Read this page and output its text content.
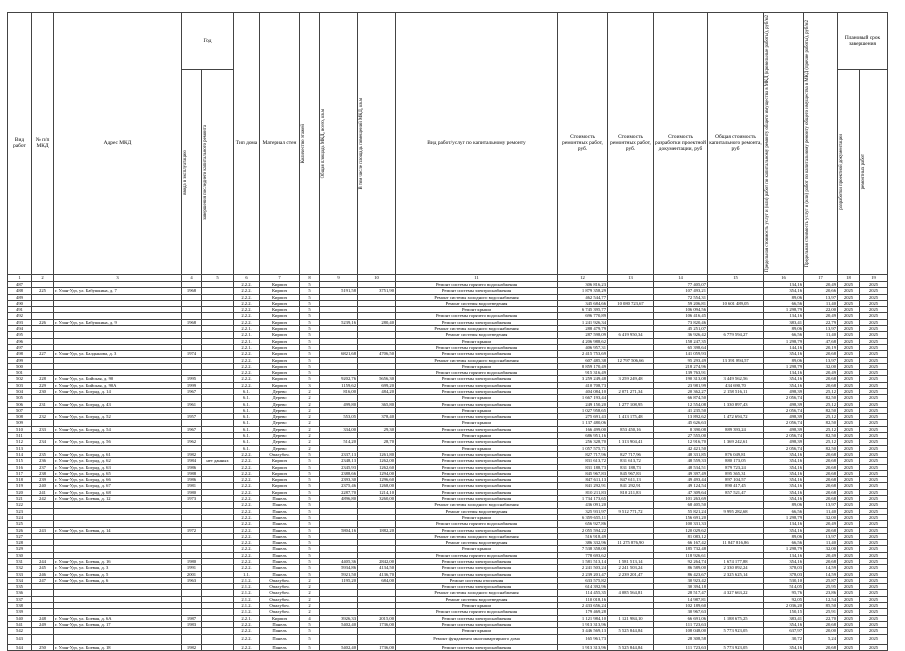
Вид работ	№ п/п МКД	Адрес МКД	Год		Тип дома	Материал стен	Количество этажей	Общая площадь МКД, всего, кв.м	В том числе площадь помещений МКД, кв.м	Вид работ/услуг по капитальному ремонту	Стоимость ремонтных работ, руб.	Стоимость ремонтных работ, руб.	Стоимость разработки проектной документации, руб	Общая стоимость капитального ремонта, руб	Предельная стоимость услуг и (или) работ по капитальному ремонту общего имущества в МКД (кровельные работы), руб/м2	Предельная стоимость услуг и (или) работ по капитальному ремонту общего имущества в МКД (прочие работы), руб/м2	Плановый срок завершения	

			ввода в эксплуатацию	завершения последнего капитального ремонта													разработки проектной документации	ремонтных работ

1	2	3	4	5	6	7	8	9	10	11	12	13	14	15	16	17	18	19
487					2.2.2.	Кирпич	5			Ремонт системы горячего водоснабжения	306 816,23		77 405,07		134,16	20,49	2025	2025
488	225	г. Улан-Удэ, ул. Бабушкина, д. 7	1968		2.2.2.	Кирпич	5	5191,58	3751,90	Ремонт системы электроснабжения	1 879 358,29		107 493,21		354,16	20,66	2025	2025
489					2.2.2.	Кирпич	5			Ремонт системы холодного водоснабжения	462 544,77		72 554,31		89,06	13,97	2025	2025
490					2.2.2.	Кирпич	5			Ремонт системы водоотведения	345 684,66	10 080 723,67	59 206,81	10 601 489,05	66,56	11,40	2025	2025
491					2.2.2.	Кирпич	5			Ремонт крыши	6 745 395,77		106 094,56		1 298,79	22,00	2025	2025
492					2.2.2.	Кирпич	5			Ремонт системы горячего водоснабжения	696 770,89		106 416,45		134,16	20,49	2025	2025
493	226	г. Улан-Удэ, ул. Бабушкина, д. 9	1968		2.2.2.	Кирпич	5	5239,16	280,40	Ремонт системы электроснабжения	1 241 926,34		73 820,46		383,41	22,79	2025	2025
494					2.2.1.	Кирпич	5			Ремонт системы холодного водоснабжения	288 479,79		45 251,07		89,06	13,97	2025	2025
495					2.2.1.	Кирпич	5			Ремонт системы водоотведения	287 598,09	6 419 950,34	36 926,42	6 779 594,27	66,56	11,40	2025	2025
496					2.2.1.	Кирпич	5			Ремонт крыши	4 206 988,62		158 247,35		1 298,79	47,68	2025	2025
497					2.2.1.	Кирпич	5			Ремонт системы горячего водоснабжения	406 957,31		65 398,64		144,16	20,19	2025	2025
498	227	г. Улан-Удэ, ул. Балдынова, д. 3	1974		2.2.2.	Кирпич	5	6821,68	4706,50	Ремонт системы электроснабжения	2 415 753,69		141 059,93		354,16	20,68	2025	2025
499					2.2.2.	Кирпич	5			Ремонт системы холодного водоснабжения	607 485,38	12 797 506,66	95 293,49	13 391 894,57	89,06	13,97	2025	2025
500					2.2.2.	Кирпич	5			Ремонт крыши	8 859 170,49		218 274,96		1 298,79	32,00	2025	2025
501					2.2.2.	Кирпич	5			Ремонт системы горячего водоснабжения	915 316,49		139 763,91		134,16	20,49	2025	2025
502	228	г. Улан-Удэ, ул. Бийская, д. 90	1995		2.2.2.	Кирпич	5	9202,76	5656,30	Ремонт системы электроснабжения	3 259 249,48	3 259 249,48	190 313,08	3 449 562,56	354,16	20,68	2025	2025
503	229	г. Улан-Удэ, ул. Бийская, д. 90А	1999		2.2.2.	Кирпич	3	1159,62	699,20	Ремонт системы электроснабжения	410 708,73		23 981,99	434 690,70	354,16	20,68	2025	2025
504	230	г. Улан-Удэ, ул. Боград, д. 14	1967		6.1.	Дерево	2	816,00	484,20	Ремонт системы электроснабжения	404 084,10	2 071 271,34	20 362,27	2 158 516,11	498,39	25,12	2025	2025
505					6.1.	Дерево	2			Ремонт крыши	1 667 193,44		66 874,50		2 056,74	82,50	2025	2025
506	231	г. Улан-Удэ, ул. Боград, д. 43	1961		6.1.	Дерево	2	499,80	365,80	Ремонт системы электроснабжения	249 150,20	1 277 108,95	12 554,08	1 330 897,43	498,39	25,12	2025	2025
507					6.1.	Дерево	2			Ремонт крыши	1 027 958,65		41 235,50		2 056,74	82,50	2025	2025
508	232	г. Улан-Удэ, ул. Боград, д. 52	1957		6.1.	Дерево	2	553,05	378,40	Ремонт системы электроснабжения	275 691,43	1 413 175,48	13 892,62	1 472 694,72	498,39	25,12	2025	2025
509					6.1.	Дерево	2			Ремонт крыши	1 137 480,06		45 626,63		2 056,74	82,50	2025	2025
510	233	г. Улан-Удэ, ул. Боград, д. 54	1967		6.1.	Дерево	2	334,00	29,30	Ремонт системы электроснабжения	166 499,00	853 450,16	8 390,08	889 393,24	498,39	25,12	2025	2025
511					6.1.	Дерево	2			Ремонт крыши	686 951,16		27 555,00		2 056,74	82,50	2025	2025
512	234	г. Улан-Удэ, ул. Боград, д. 56	1962		6.1.	Дерево	2	514,20	28,70	Ремонт системы электроснабжения	256 328,70	1 313 904,41	12 916,70	1 369 242,61	498,39	25,12	2025	2025
513					6.1.	Дерево	2			Ремонт крыши	1 057 575,71		42 421,50		2 056,74	82,50	2025	2025
514	235	г. Улан-Удэ, ул. Боград, д. 61	1982		2.2.2.	Опалубоч.	5	2337,13	1261,80	Ремонт системы электроснабжения	827 717,96	827 717,96	48 331,85	876 049,81	354,16	20,68	2025	2025
515	236	г. Улан-Удэ, ул. Боград, д. 62	1984	нет данных	2.2.2.	Кирпич	5	2348,13	1262,00	Ремонт системы электроснабжения	831 613,72	831 613,72	48 559,33	880 173,05	354,16	20,68	2025	2025
516	237	г. Улан-Удэ, ул. Боград, д. 63	1986		2.2.2.	Кирпич	5	2345,93	1262,60	Ремонт системы электроснабжения	831 188,73	831 188,73	48 534,51	879 723,24	354,16	20,68	2025	2025
517	238	г. Улан-Удэ, ул. Боград, д. 65	1988		2.2.2.	Кирпич	5	2388,66	1294,00	Ремонт системы электроснабжения	845 967,83	845 967,83	49 397,49	895 365,31	354,16	20,68	2025	2025
518	239	г. Улан-Удэ, ул. Боград, д. 66	1986		2.2.2.	Кирпич	5	2393,30	1296,60	Ремонт системы электроснабжения	847 611,13	847 611,13	49 493,44	897 104,57	354,16	20,68	2025	2025
519	240	г. Улан-Удэ, ул. Боград, д. 67	1981		2.2.2.	Кирпич	5	2375,46	1268,00	Ремонт системы электроснабжения	841 292,91	841 292,91	49 124,54	890 417,45	354,16	20,68	2025	2025
520	241	г. Улан-Удэ, ул. Боград, д. 68	1980		2.2.2.	Кирпич	5	2287,70	1214,10	Ремонт системы электроснабжения	810 211,83	810 211,83	47 309,64	857 521,47	354,16	20,68	2025	2025
521	242	г. Улан-Удэ, ул. Боевая, д. 12	1973		2.2.2.	Панель	5	4896,80	3260,00	Ремонт системы электроснабжения	1 734 173,65		101 263,69		354,16	20,68	2025	2025
522					2.2.2.	Панель	5			Ремонт системы холодного водоснабжения	436 091,20		68 405,50		89,06	13,97	2025	2025
523					2.2.2.	Панель	5			Ремонт системы водоотведения	325 931,97	9 512 771,72	55 821,24	9 995 282,68	66,56	11,40	2025	2025
524					2.2.2.	Панель	5			Ремонт крыши	6 359 655,11		156 691,20		1 298,79	32,00	2025	2025
525					2.2.2.	Панель	5			Ремонт системы горячего водоснабжения	656 927,86		100 331,33		134,16	20,49	2025	2025
526	243	г. Улан-Удэ, ул. Боевая, д. 14	1972		2.2.2.	Панель	5	5804,16	1882,20	Ремонт системы электроснабжения	2 055 594,22		120 029,62		354,16	20,68	2025	2025
527					2.2.2.	Панель	5			Ремонт системы холодного водоснабжения	516 918,49		81 083,12		89,06	13,97	2025	2025
528					2.2.2.	Панель	5			Ремонт системы водоотведения	386 332,96	11 275 876,90	66 167,42	11 847 816,86	66,56	11,40	2025	2025
529					2.2.2.	Панель	5			Ремонт крыши	7 538 358,00		185 732,48		1 298,79	32,00	2025	2025
530					2.2.2.	Панель	5			Ремонт системы горячего водоснабжения	778 693,62		118 926,61		134,16	20,49	2025	2025
531	244	г. Улан-Удэ, ул. Боевая, д. 16	1980		2.2.2.	Панель	5	4405,36	2842,00	Ремонт системы электроснабжения	1 581 513,14	1 581 513,14	92 264,74	1 674 177,88	354,16	20,68	2025	2025
532	245	г. Улан-Удэ, ул. Боевая, д. 3	1991		2.2.2.	Панель	5	5934,86	4134,50	Ремонт системы электроснабжения	2 241 503,24	2 241 503,24	86 589,00	2 330 092,24	378,03	14,59	2025	2025
533	246	г. Улан-Удэ, ул. Боевая, д. 5	2001		1.1.	Панель	5	5921,50	4136,70	Ремонт системы электроснабжения	2 239 201,47	2 239 201,47	86 423,67	2 325 625,14	378,03	14,59	2025	2025
534	247	г. Улан-Удэ, ул. Боевая, д. 6	1963		2.1.2.	Опалубоч.	2	1195,20	684,00	Ремонт системы отопления	633 575,82		30 923,42		530,10	25,87	2025	2025
535					2.1.2.	Опалубоч.	2			Ремонт системы электроснабжения	614 392,96		30 394,18		514,05	25,95	2025	2025
536					2.1.2.	Опалубоч.	2			Ремонт системы холодного водоснабжения	114 455,35	4 085 564,81	28 517,47	4 327 663,22	95,76	23,86	2025	2025
537					2.1.2.	Опалубоч.	2			Ремонт системы водоотведения	110 018,16		14 987,81		92,05	12,54	2025	2025
538					2.1.2.	Опалубоч.	2			Ремонт крыши	2 433 656,24		102 189,60		2 036,20	85,50	2025	2025
539					2.1.2.	Опалубоч.	2			Ремонт системы горячего водоснабжения	179 469,28		30 967,63		150,15	25,91	2025	2025
540	248	г. Улан-Удэ, ул. Боевая, д. 6А	1987		2.2.1.	Кирпич	4	3926,33	2015,00	Ремонт системы электроснабжения	1 121 984,10	1 121 984,10	66 691,06	1 188 675,25	383,41	22,70	2025	2025
541	249	г. Улан-Удэ, ул. Боевая, д. 17	1983		2.2.2.	Панель	5	5402,40	1736,00	Ремонт системы электроснабжения	1 913 313,96		111 723,63		354,16	20,68	2025	2025
542					2.2.2.	Панель	5			Ремонт крыши	3 446 569,13	5 525 844,84	108 048,00	5 773 923,05	637,97	20,00	2025	2025
543					2.2.2.	Панель	5			Ремонт фундамента многоквартирного дома	165 961,73		28 308,58		30,72	5,24	2025	2025
544	250	г. Улан-Удэ, ул. Боевая, д. 18	1982		2.2.2.	Панель	5	5402,40	1736,00	Ремонт системы электроснабжения	1 913 313,96	5 525 844,84	111 723,63	5 773 923,05	354,16	20,68	2025	2025
